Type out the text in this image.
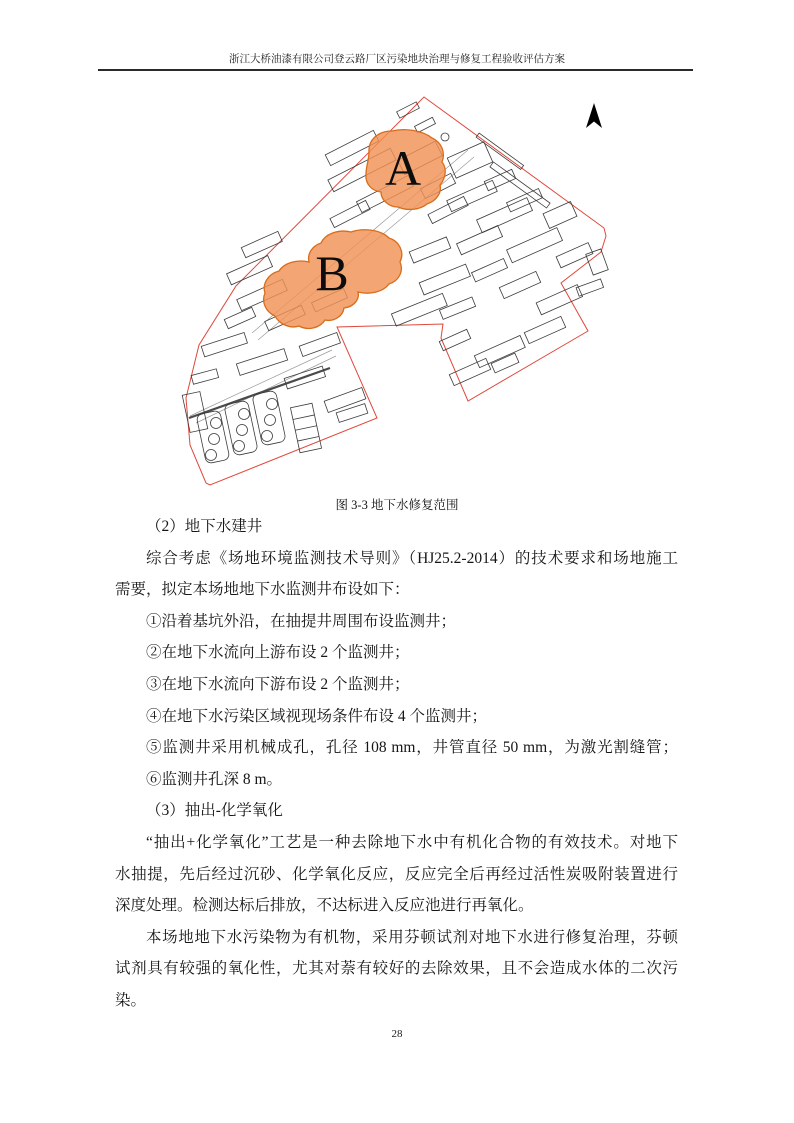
浙江大桥油漆有限公司登云路厂区污染地块治理与修复工程验收评估方案
A
B
图 3-3 地下水修复范围
（2）地下水建井
综合考虑《场地环境监测技术导则》（HJ25.2-2014）的技术要求和场地施工
需要，拟定本场地地下水监测井布设如下：
①沿着基坑外沿，在抽提井周围布设监测井；
②在地下水流向上游布设 2 个监测井；
③在地下水流向下游布设 2 个监测井；
④在地下水污染区域视现场条件布设 4 个监测井；
⑤监测井采用机械成孔，孔径 108 mm，井管直径 50 mm，为激光割缝管；
⑥监测井孔深 8 m。
（3）抽出-化学氧化
“抽出+化学氧化”工艺是一种去除地下水中有机化合物的有效技术。对地下
水抽提，先后经过沉砂、化学氧化反应，反应完全后再经过活性炭吸附装置进行
深度处理。检测达标后排放，不达标进入反应池进行再氧化。
本场地地下水污染物为有机物，采用芬顿试剂对地下水进行修复治理，芬顿
试剂具有较强的氧化性，尤其对萘有较好的去除效果，且不会造成水体的二次污
染。
28
